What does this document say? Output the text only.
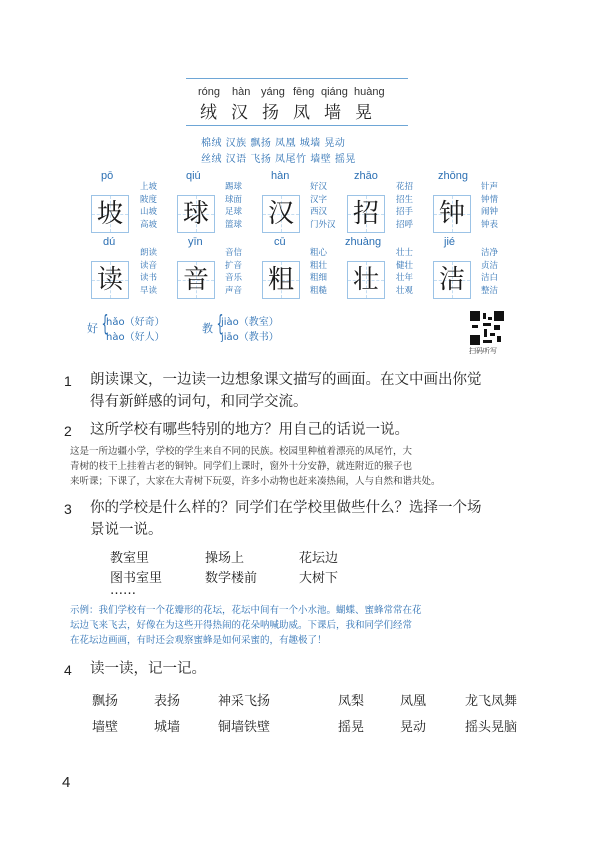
róng hàn yáng fēng qiáng huàng
绒 汉 扬 凤 墙 晃
棉绒 汉族 飘扬 凤凰 城墙 晃动
丝绒 汉语 飞扬 凤尾竹 墙壁 摇晃
pō
坡
上坡
陂度
山坡
高坡
qiú
球
踢球
球面
足球
篮球
hàn
汉
好汉
汉字
西汉
门外汉
zhāo
招
花招
招生
招手
招呼
zhōng
钟
针声
钟情
闹钟
钟表
dú
读
朗读
读音
读书
早读
yīn
音
音信
扩音
音乐
声音
cū
粗
粗心
粗壮
粗细
粗糙
zhuàng
壮
壮士
健壮
壮年
壮观
jié
洁
洁净
贞洁
洁白
整洁
好 {
hǎo（好奇）
hào（好人）
教 {
jiào（教室）
jiāo（教书）
扫码听写
1 朗读课文，一边读一边想象课文描写的画面。在文中画出你觉
得有新鲜感的词句，和同学交流。
2 这所学校有哪些特别的地方？用自己的话说一说。
这是一所边疆小学，学校的学生来自不同的民族。校园里种植着漂亮的凤尾竹，大
青树的枝干上挂着古老的铜钟。同学们上课时，窗外十分安静，就连附近的猴子也
来听课；下课了，大家在大青树下玩耍，许多小动物也赶来凑热闹，人与自然和谐共处。
3 你的学校是什么样的？同学们在学校里做些什么？选择一个场
景说一说。
教室里	操场上	花坛边
图书室里	数学楼前	大树下
……
示例：我们学校有一个花瓣形的花坛，花坛中间有一个小水池。蝴蝶、蜜蜂常常在花
坛边飞来飞去，好像在为这些开得热闹的花朵呐喊助威。下课后，我和同学们经常
在花坛边画画，有时还会观察蜜蜂是如何采蜜的，有趣极了！
4 读一读，记一记。
飘扬	表扬	神采飞扬	凤梨	凤凰	龙飞凤舞
墙壁	城墙	铜墙铁壁	摇晃	晃动	摇头晃脑
4
